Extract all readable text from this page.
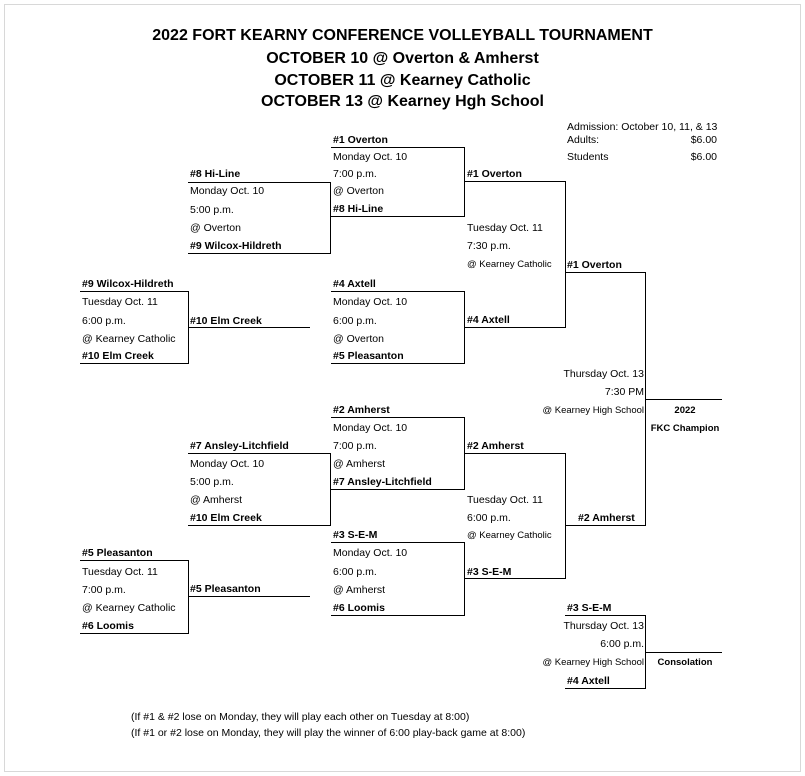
2022 FORT KEARNY CONFERENCE VOLLEYBALL TOURNAMENT
OCTOBER 10 @ Overton & Amherst
OCTOBER 11 @ Kearney Catholic
OCTOBER 13 @ Kearney Hgh School
Admission: October 10, 11, & 13
Adults:	$6.00
Students	$6.00
#8 Hi-Line
Monday Oct. 10
5:00 p.m.
@ Overton
#9 Wilcox-Hildreth
#9 Wilcox-Hildreth
Tuesday Oct. 11
6:00 p.m.
@ Kearney Catholic
#10 Elm Creek
#10 Elm Creek
#7 Ansley-Litchfield
Monday Oct. 10
5:00 p.m.
@ Amherst
#10 Elm Creek
#5 Pleasanton
Tuesday Oct. 11
7:00 p.m.
@ Kearney Catholic
#6 Loomis
#5 Pleasanton
#1 Overton
Monday Oct. 10
7:00 p.m.
@ Overton
#8 Hi-Line
#4 Axtell
Monday Oct. 10
6:00 p.m.
@ Overton
#5 Pleasanton
#2 Amherst
Monday Oct. 10
7:00 p.m.
@ Amherst
#7 Ansley-Litchfield
#3 S-E-M
Monday Oct. 10
6:00 p.m.
@ Amherst
#6 Loomis
#1 Overton
Tuesday Oct. 11
7:30 p.m.
@ Kearney Catholic
#4 Axtell
#2 Amherst
Tuesday Oct. 11
6:00 p.m.
@ Kearney Catholic
#3 S-E-M
#1 Overton
Thursday Oct. 13
7:30 PM
@ Kearney High School
#2 Amherst
2022
FKC Champion
#3 S-E-M
Thursday Oct. 13
6:00 p.m.
@ Kearney High School
#4 Axtell
Consolation
(If #1 & #2 lose on Monday, they will play each other on Tuesday at 8:00)
(If #1 or #2 lose on Monday, they will play the winner of 6:00 play-back game at 8:00)
